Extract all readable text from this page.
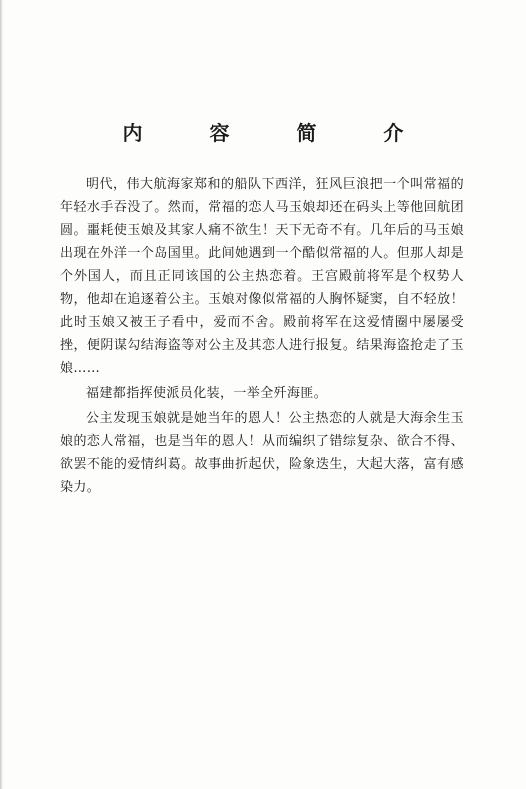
内 容 简 介

明代，伟大航海家郑和的船队下西洋，狂风巨浪把一个叫常福的年轻水手吞没了。然而，常福的恋人马玉娘却还在码头上等他回航团圆。噩耗使玉娘及其家人痛不欲生！天下无奇不有。几年后的马玉娘出现在外洋一个岛国里。此间她遇到一个酷似常福的人。但那人却是个外国人，而且正同该国的公主热恋着。王宫殿前将军是个权势人物，他却在追逐着公主。玉娘对像似常福的人胸怀疑窦，自不轻放！此时玉娘又被王子看中，爱而不舍。殿前将军在这爱情圈中屡屡受挫，便阴谋勾结海盗等对公主及其恋人进行报复。结果海盗抢走了玉娘……

福建都指挥使派员化装，一举全歼海匪。

公主发现玉娘就是她当年的恩人！公主热恋的人就是大海余生玉娘的恋人常福，也是当年的恩人！从而编织了错综复杂、欲合不得、欲罢不能的爱情纠葛。故事曲折起伏，险象迭生，大起大落，富有感染力。
